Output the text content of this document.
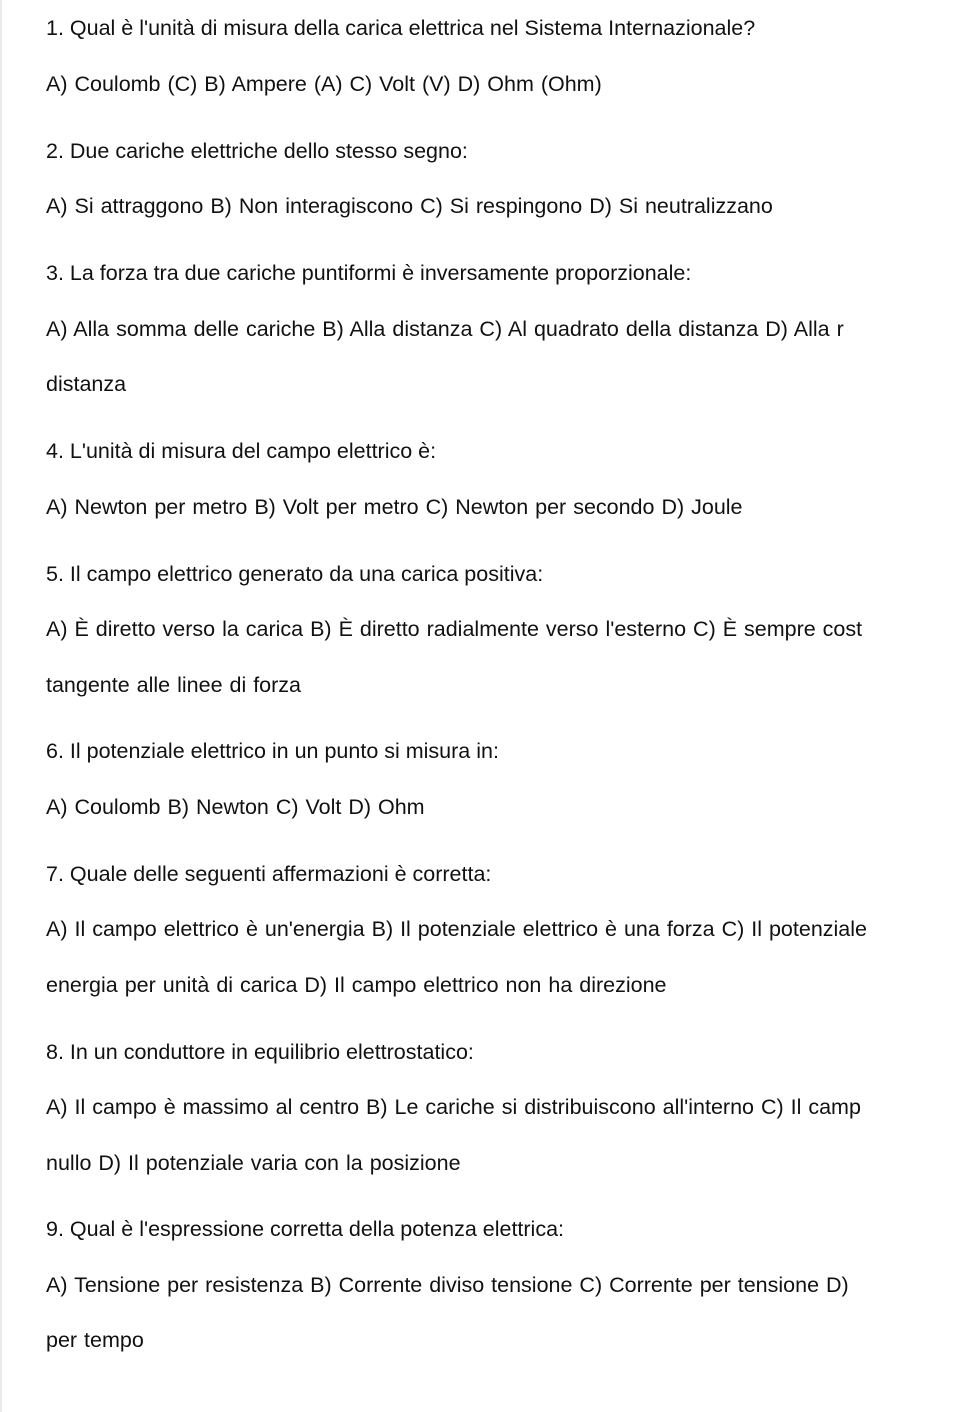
1. Qual è l'unità di misura della carica elettrica nel Sistema Internazionale?
A) Coulomb (C) B) Ampere (A) C) Volt (V) D) Ohm (Ohm)
2. Due cariche elettriche dello stesso segno:
A) Si attraggono B) Non interagiscono C) Si respingono D) Si neutralizzano
3. La forza tra due cariche puntiformi è inversamente proporzionale:
A) Alla somma delle cariche B) Alla distanza C) Al quadrato della distanza D) Alla r
distanza
4. L'unità di misura del campo elettrico è:
A) Newton per metro B) Volt per metro C) Newton per secondo D) Joule
5. Il campo elettrico generato da una carica positiva:
A) È diretto verso la carica B) È diretto radialmente verso l'esterno C) È sempre cost
tangente alle linee di forza
6. Il potenziale elettrico in un punto si misura in:
A) Coulomb B) Newton C) Volt D) Ohm
7. Quale delle seguenti affermazioni è corretta:
A) Il campo elettrico è un'energia B) Il potenziale elettrico è una forza C) Il potenziale
energia per unità di carica D) Il campo elettrico non ha direzione
8. In un conduttore in equilibrio elettrostatico:
A) Il campo è massimo al centro B) Le cariche si distribuiscono all'interno C) Il camp
nullo D) Il potenziale varia con la posizione
9. Qual è l'espressione corretta della potenza elettrica:
A) Tensione per resistenza B) Corrente diviso tensione C) Corrente per tensione D)
per tempo
